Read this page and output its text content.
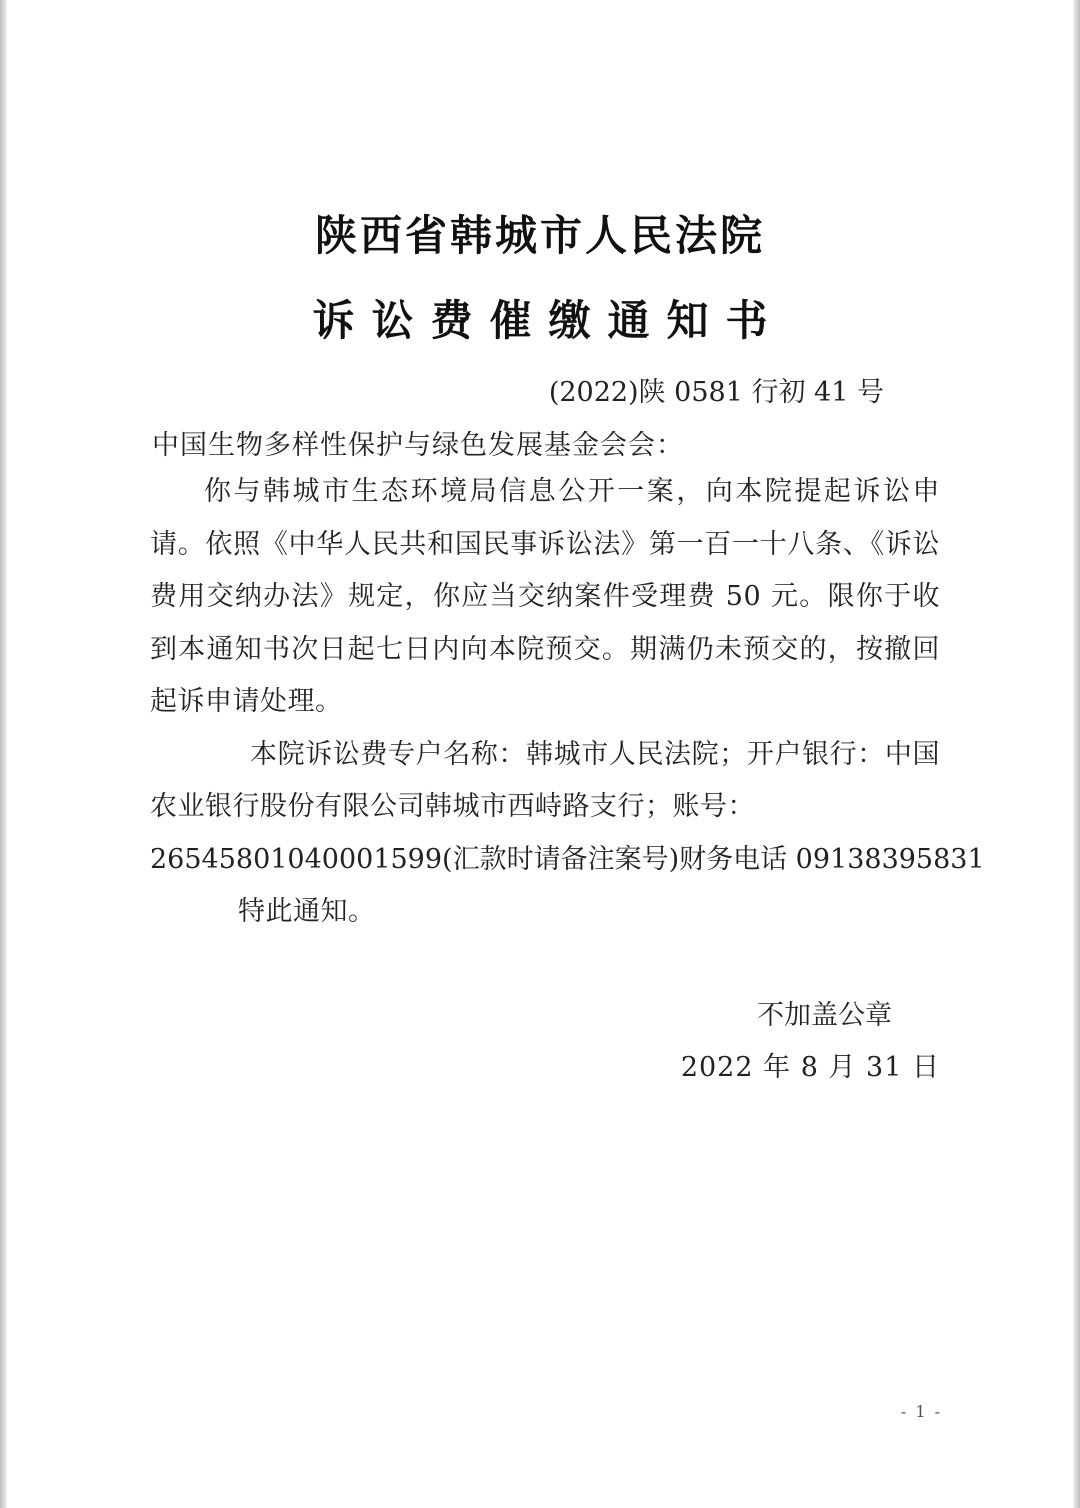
陕西省韩城市人民法院
诉讼费催缴通知书
(2022)陕 0581 行初 41 号
中国生物多样性保护与绿色发展基金会会：

你与韩城市生态环境局信息公开一案，向本院提起诉讼申请。依照《中华人民共和国民事诉讼法》第一百一十八条、《诉讼费用交纳办法》规定，你应当交纳案件受理费 50 元。限你于收到本通知书次日起七日内向本院预交。期满仍未预交的，按撤回起诉申请处理。

本院诉讼费专户名称：韩城市人民法院；开户银行：中国农业银行股份有限公司韩城市西峙路支行；账号：

26545801040001599(汇款时请备注案号)财务电话 09138395831

特此通知。

不加盖公章
2022 年 8 月 31 日
- 1 -
